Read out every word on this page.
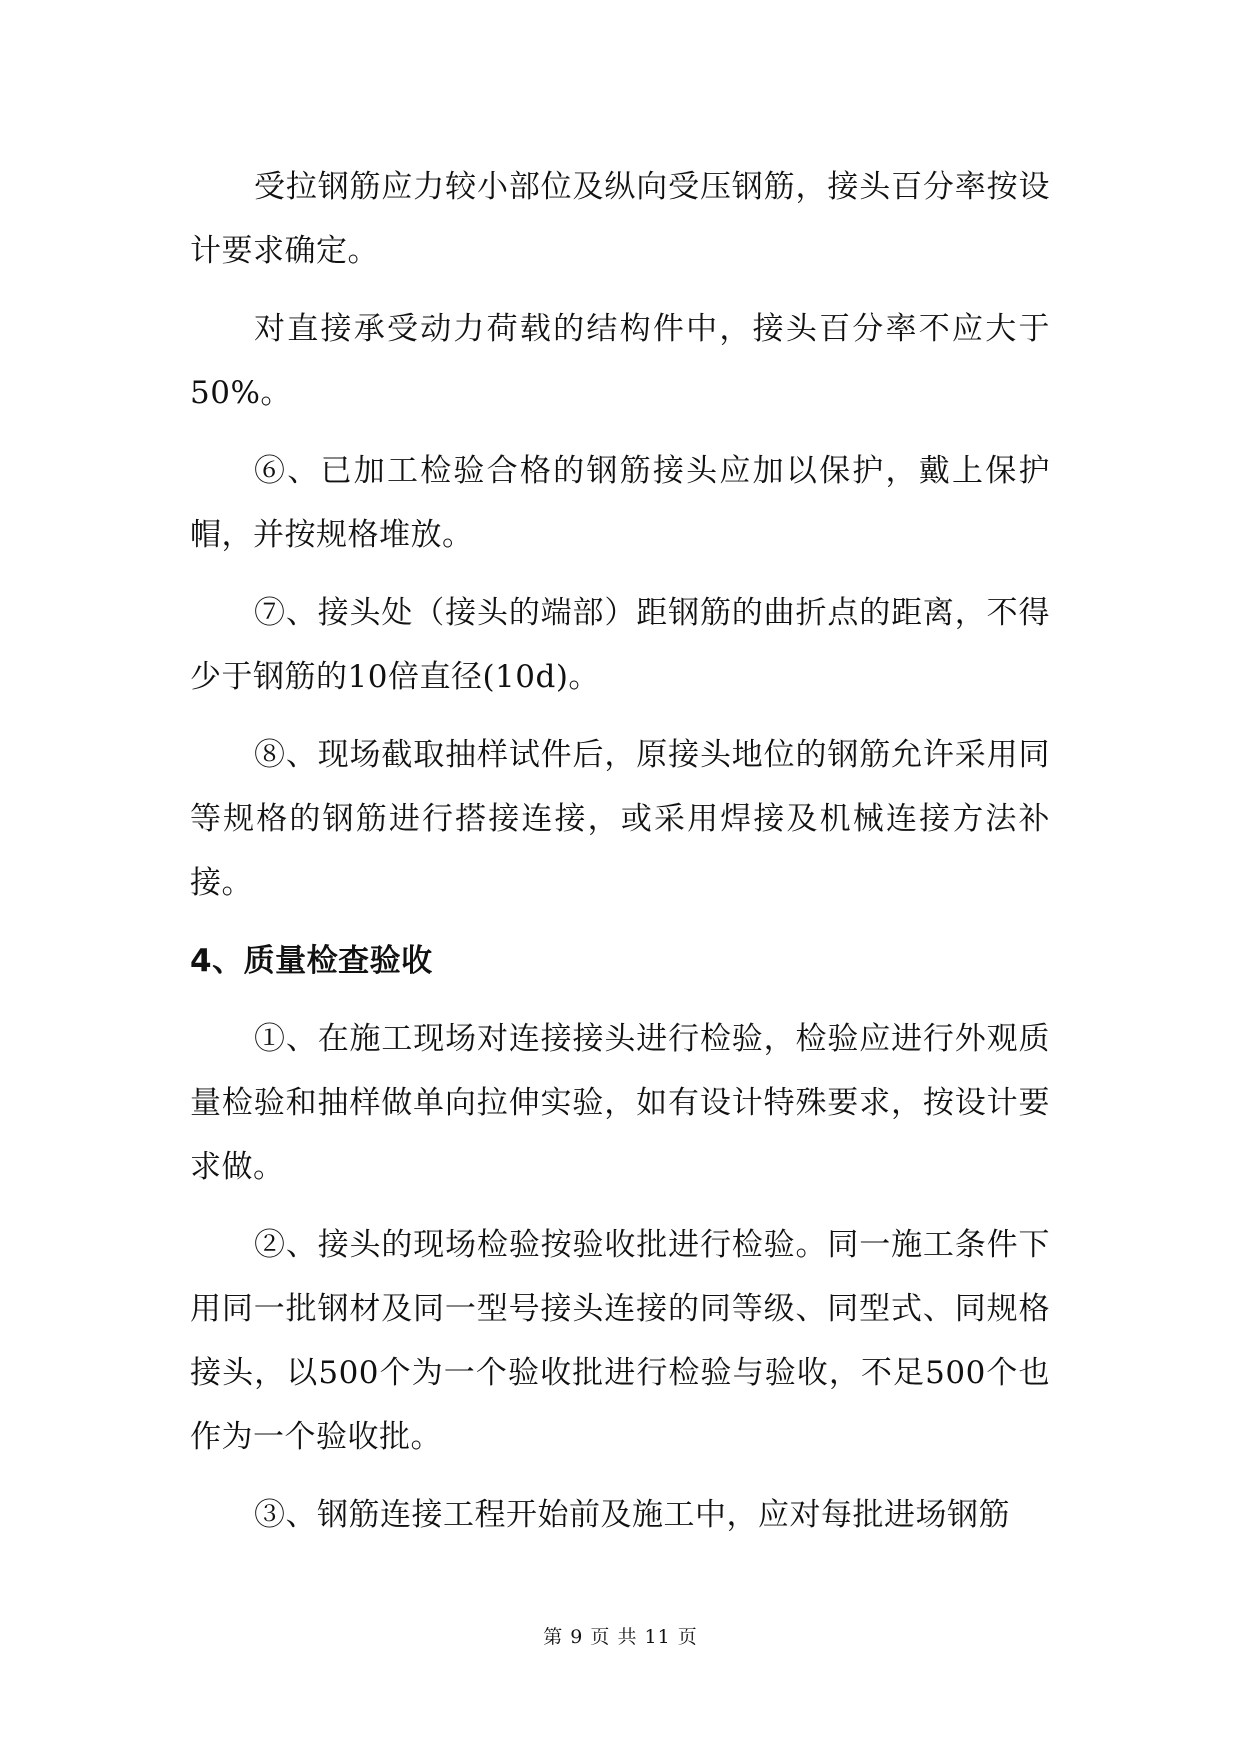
受拉钢筋应力较小部位及纵向受压钢筋，接头百分率按设计要求确定。

对直接承受动力荷载的结构件中，接头百分率不应大于50%。

⑥、已加工检验合格的钢筋接头应加以保护，戴上保护帽，并按规格堆放。

⑦、接头处（接头的端部）距钢筋的曲折点的距离，不得少于钢筋的10倍直径(10d)。

⑧、现场截取抽样试件后，原接头地位的钢筋允许采用同等规格的钢筋进行搭接连接，或采用焊接及机械连接方法补接。

4、质量检查验收

①、在施工现场对连接接头进行检验，检验应进行外观质量检验和抽样做单向拉伸实验，如有设计特殊要求，按设计要求做。

②、接头的现场检验按验收批进行检验。同一施工条件下用同一批钢材及同一型号接头连接的同等级、同型式、同规格接头，以500个为一个验收批进行检验与验收，不足500个也作为一个验收批。

③、钢筋连接工程开始前及施工中，应对每批进场钢筋

第 9 页 共 11 页
